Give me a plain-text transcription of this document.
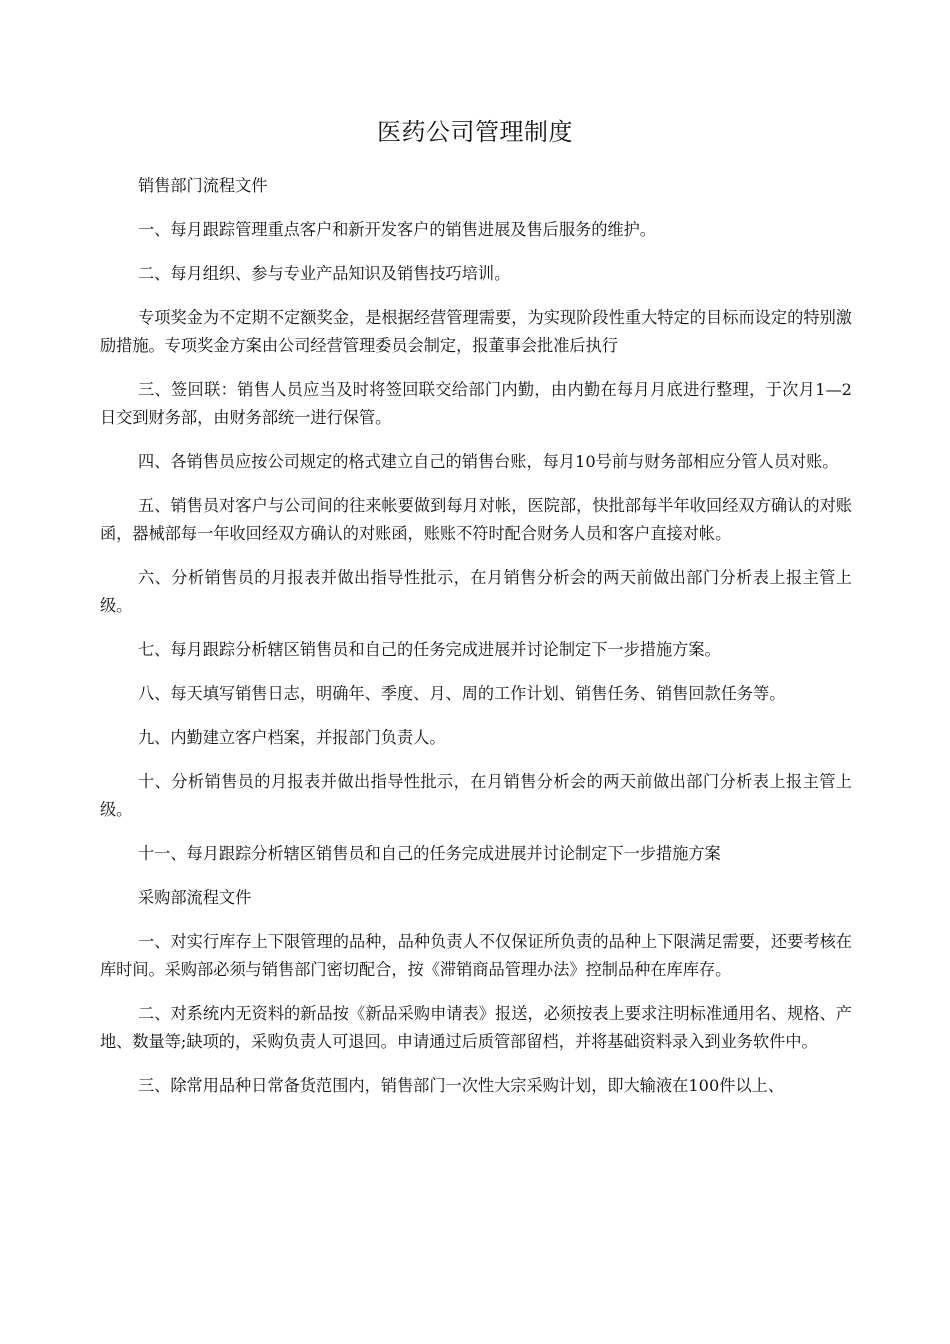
医药公司管理制度

销售部门流程文件

一、每月跟踪管理重点客户和新开发客户的销售进展及售后服务的维护。

二、每月组织、参与专业产品知识及销售技巧培训。

专项奖金为不定期不定额奖金，是根据经营管理需要，为实现阶段性重大特定的目标而设定的特别激励措施。专项奖金方案由公司经营管理委员会制定，报董事会批准后执行

三、签回联：销售人员应当及时将签回联交给部门内勤，由内勤在每月月底进行整理，于次月1—2日交到财务部，由财务部统一进行保管。

四、各销售员应按公司规定的格式建立自己的销售台账，每月10号前与财务部相应分管人员对账。

五、销售员对客户与公司间的往来帐要做到每月对帐，医院部，快批部每半年收回经双方确认的对账函，器械部每一年收回经双方确认的对账函，账账不符时配合财务人员和客户直接对帐。

六、分析销售员的月报表并做出指导性批示，在月销售分析会的两天前做出部门分析表上报主管上级。

七、每月跟踪分析辖区销售员和自己的任务完成进展并讨论制定下一步措施方案。

八、每天填写销售日志，明确年、季度、月、周的工作计划、销售任务、销售回款任务等。

九、内勤建立客户档案，并报部门负责人。

十、分析销售员的月报表并做出指导性批示，在月销售分析会的两天前做出部门分析表上报主管上级。

十一、每月跟踪分析辖区销售员和自己的任务完成进展并讨论制定下一步措施方案

采购部流程文件

一、对实行库存上下限管理的品种，品种负责人不仅保证所负责的品种上下限满足需要，还要考核在库时间。采购部必须与销售部门密切配合，按《滞销商品管理办法》控制品种在库库存。

二、对系统内无资料的新品按《新品采购申请表》报送，必须按表上要求注明标准通用名、规格、产地、数量等;缺项的，采购负责人可退回。申请通过后质管部留档，并将基础资料录入到业务软件中。

三、除常用品种日常备货范围内，销售部门一次性大宗采购计划，即大输液在100件以上、
